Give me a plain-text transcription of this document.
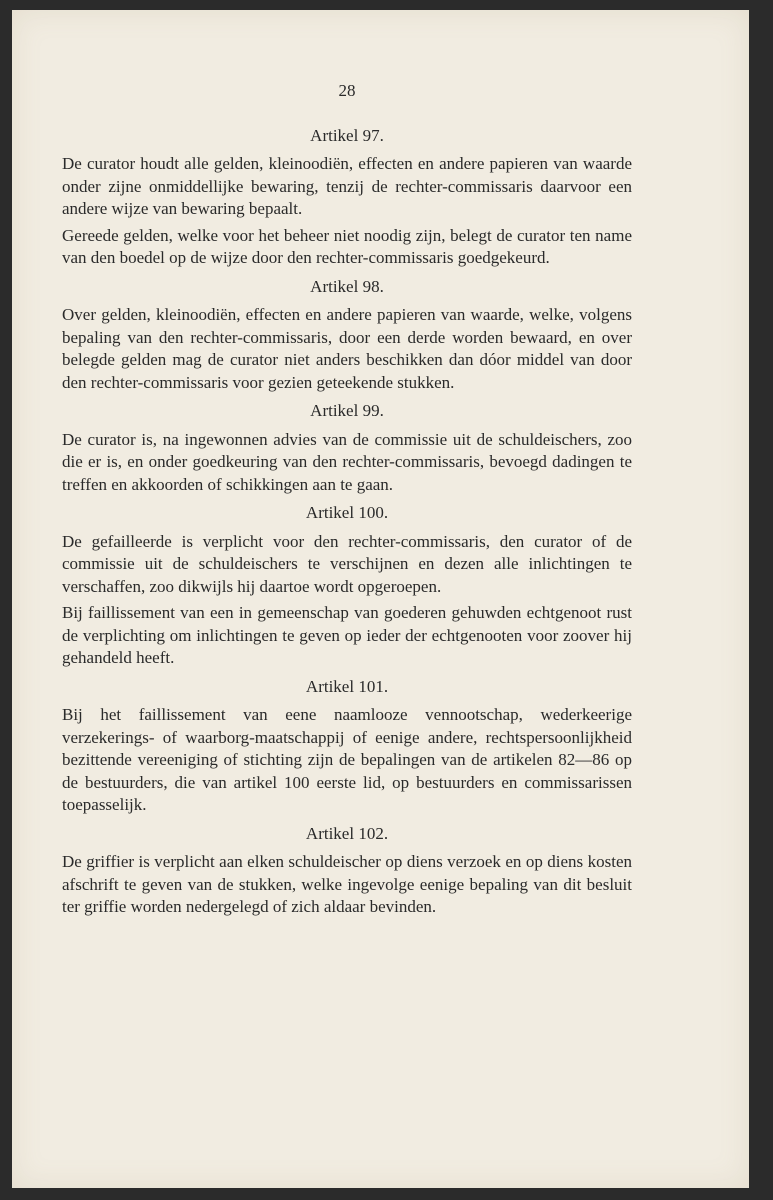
28
Artikel 97.

De curator houdt alle gelden, kleinoodiën, effecten en andere papieren van waarde onder zijne onmiddellijke bewaring, tenzij de rechter-commissaris daarvoor een andere wijze van bewaring bepaalt.

Gereede gelden, welke voor het beheer niet noodig zijn, belegt de curator ten name van den boedel op de wijze door den rechter-commissaris goedgekeurd.

Artikel 98.

Over gelden, kleinoodiën, effecten en andere papieren van waarde, welke, volgens bepaling van den rechter-commissaris, door een derde worden bewaard, en over belegde gelden mag de curator niet anders beschikken dan dóor middel van door den rechter-commissaris voor gezien geteekende stukken.

Artikel 99.

De curator is, na ingewonnen advies van de commissie uit de schuldeischers, zoo die er is, en onder goedkeuring van den rechter-commissaris, bevoegd dadingen te treffen en akkoorden of schikkingen aan te gaan.

Artikel 100.

De gefailleerde is verplicht voor den rechter-commissaris, den curator of de commissie uit de schuldeischers te verschijnen en dezen alle inlichtingen te verschaffen, zoo dikwijls hij daartoe wordt opgeroepen.

Bij faillissement van een in gemeenschap van goederen gehuwden echtgenoot rust de verplichting om inlichtingen te geven op ieder der echtgenooten voor zoover hij gehandeld heeft.

Artikel 101.

Bij het faillissement van eene naamlooze vennootschap, wederkeerige verzekerings- of waarborg-maatschappij of eenige andere, rechtspersoonlijkheid bezittende vereeniging of stichting zijn de bepalingen van de artikelen 82—86 op de bestuurders, die van artikel 100 eerste lid, op bestuurders en commissarissen toepasselijk.

Artikel 102.

De griffier is verplicht aan elken schuldeischer op diens verzoek en op diens kosten afschrift te geven van de stukken, welke ingevolge eenige bepaling van dit besluit ter griffie worden nedergelegd of zich aldaar bevinden.
